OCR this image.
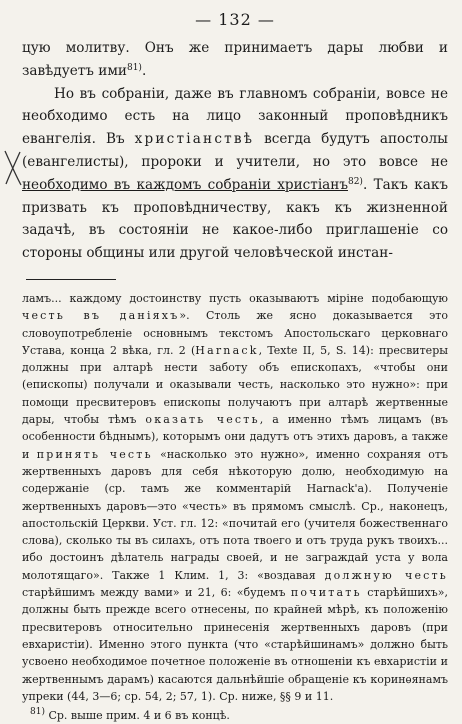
— 132 —

цую молитву. Онъ же принимаетъ дары любви и завѣдуетъ ими$^{81)}$.

Но въ собраніи, даже въ главномъ собраніи, вовсе не необходимо есть на лицо законный проповѣдникъ евангелія. Въ христіанствѣ всегда будутъ апостолы (евангелисты), пророки и учители, но это вовсе не необходимо въ каждомъ собраніи христіанъ$^{82)}$. Такъ какъ призвать къ проповѣдничеству, какъ къ жизненной задачѣ, въ состояніи не какое-либо приглашеніе со стороны общины или другой человѣческой инстан-

ламъ... каждому достоинству пусть оказываютъ міріне подобающую честь въ даніяхъ». Столь же ясно доказывается это словоупотребленіе основнымъ текстомъ Апостольскаго церковнаго Устава, конца 2 вѣка, гл. 2 (Harnack, Texte II, 5, S. 14): пресвитеры должны при алтарѣ нести заботу объ епископахъ, «чтобы они (епископы) получали и оказывали честь, насколько это нужно»: при помощи пресвитеровъ епископы получаютъ при алтарѣ жертвенные дары, чтобы тѣмъ оказать честь, а именно тѣмъ лицамъ (въ особенности бѣднымъ), которымъ они дадутъ отъ этихъ даровъ, а также и принять честь «насколько это нужно», именно сохраняя отъ жертвенныхъ даровъ для себя нѣкоторую долю, необходимую на содержаніе (ср. тамъ же комментарій Harnack'а). Полученіе жертвенныхъ даровъ—это «честь» въ прямомъ смыслѣ. Ср., наконецъ, апостольскій Церкви. Уст. гл. 12: «почитай его (учителя божественнаго слова), сколько ты въ силахъ, отъ пота твоего и отъ труда рукъ твоихъ... ибо достоинъ дѣлатель награды своей, и не заграждай уста у вола молотящаго». Также 1 Клим. 1, 3: «воздавая должную честь старѣйшимъ между вами» и 21, 6: «будемъ почитать старѣйшихъ», должны быть прежде всего отнесены, по крайней мѣрѣ, къ положенію пресвитеровъ относительно принесенія жертвенныхъ даровъ (при евхаристіи). Именно этого пункта (что «старѣйшинамъ» должно быть усвоено необходимое почетное положеніе въ отношеніи къ евхаристіи и жертвеннымъ дарамъ) касаются дальнѣйшіе обращеніе къ коринѳянамъ упреки (44, 3—6; ср. 54, 2; 57, 1). Ср. ниже, §§ 9 и 11.

$^{81)}$ Ср. выше прим. 4 и 6 въ концѣ.
